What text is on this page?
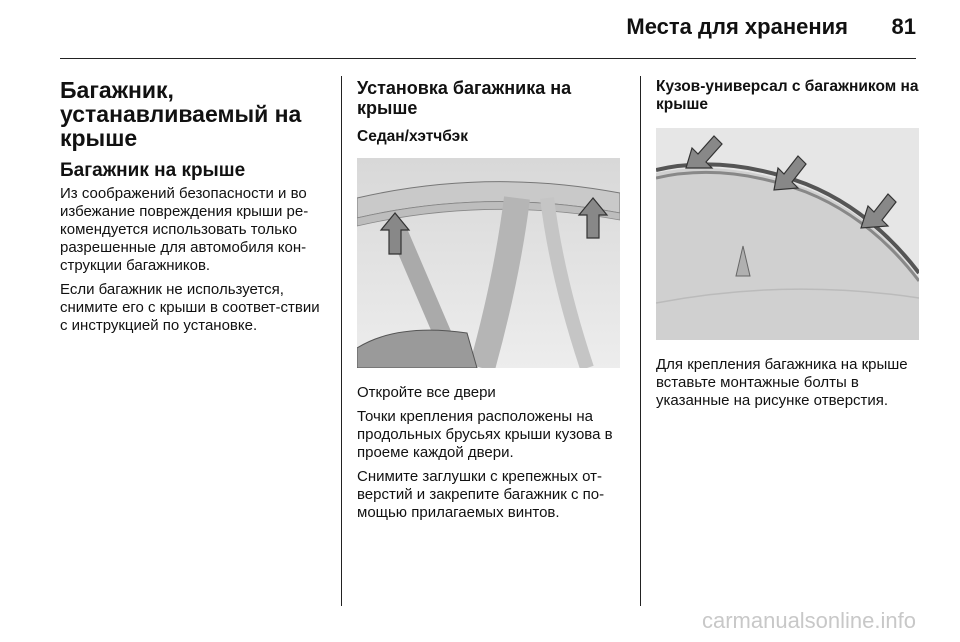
Места для хранения 81
Багажник, устанавливаемый на крыше
Багажник на крыше

Из соображений безопасности и во избежание повреждения крыши ре-комендуется использовать только разрешенные для автомобиля кон-струкции багажников.

Если багажник не используется, снимите его с крыши в соответ-ствии с инструкцией по установке.

Установка багажника на крыше
Седан/хэтчбэк

Откройте все двери

Точки крепления расположены на продольных брусьях крыши кузова в проеме каждой двери.

Снимите заглушки с крепежных от-верстий и закрепите багажник с по-мощью прилагаемых винтов.

Кузов-универсал с багажником на крыше

Для крепления багажника на крыше вставьте монтажные болты в указанные на рисунке отверстия.

carmanualsonline.info
